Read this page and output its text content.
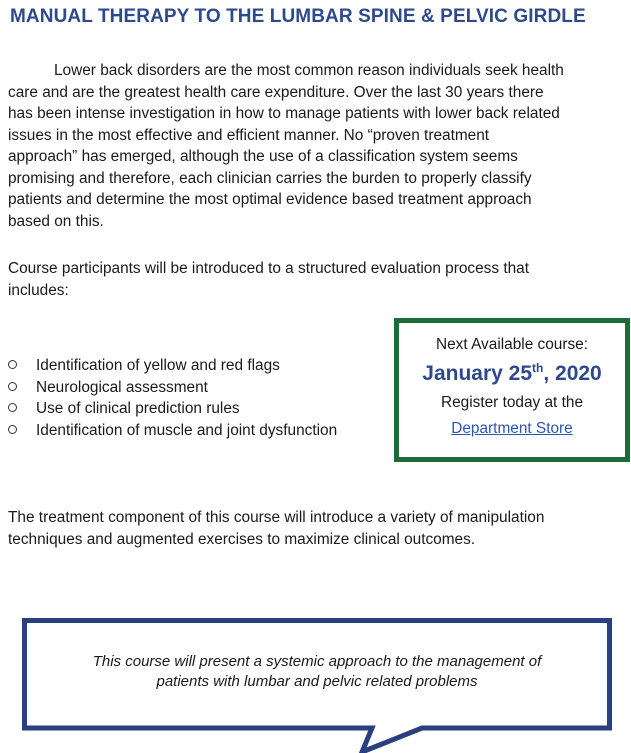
MANUAL THERAPY TO THE LUMBAR SPINE & PELVIC GIRDLE

Lower back disorders are the most common reason individuals seek health
care and are the greatest health care expenditure. Over the last 30 years there
has been intense investigation in how to manage patients with lower back related
issues in the most effective and efficient manner. No “proven treatment
approach” has emerged, although the use of a classification system seems
promising and therefore, each clinician carries the burden to properly classify
patients and determine the most optimal evidence based treatment approach
based on this.

Course participants will be introduced to a structured evaluation process that
includes:

Identification of yellow and red flags
Neurological assessment
Use of clinical prediction rules
Identification of muscle and joint dysfunction
Next Available course:
January 25th, 2020
Register today at the
Department Store

The treatment component of this course will introduce a variety of manipulation
techniques and augmented exercises to maximize clinical outcomes.

This course will present a systemic approach to the management of
patients with lumbar and pelvic related problems
